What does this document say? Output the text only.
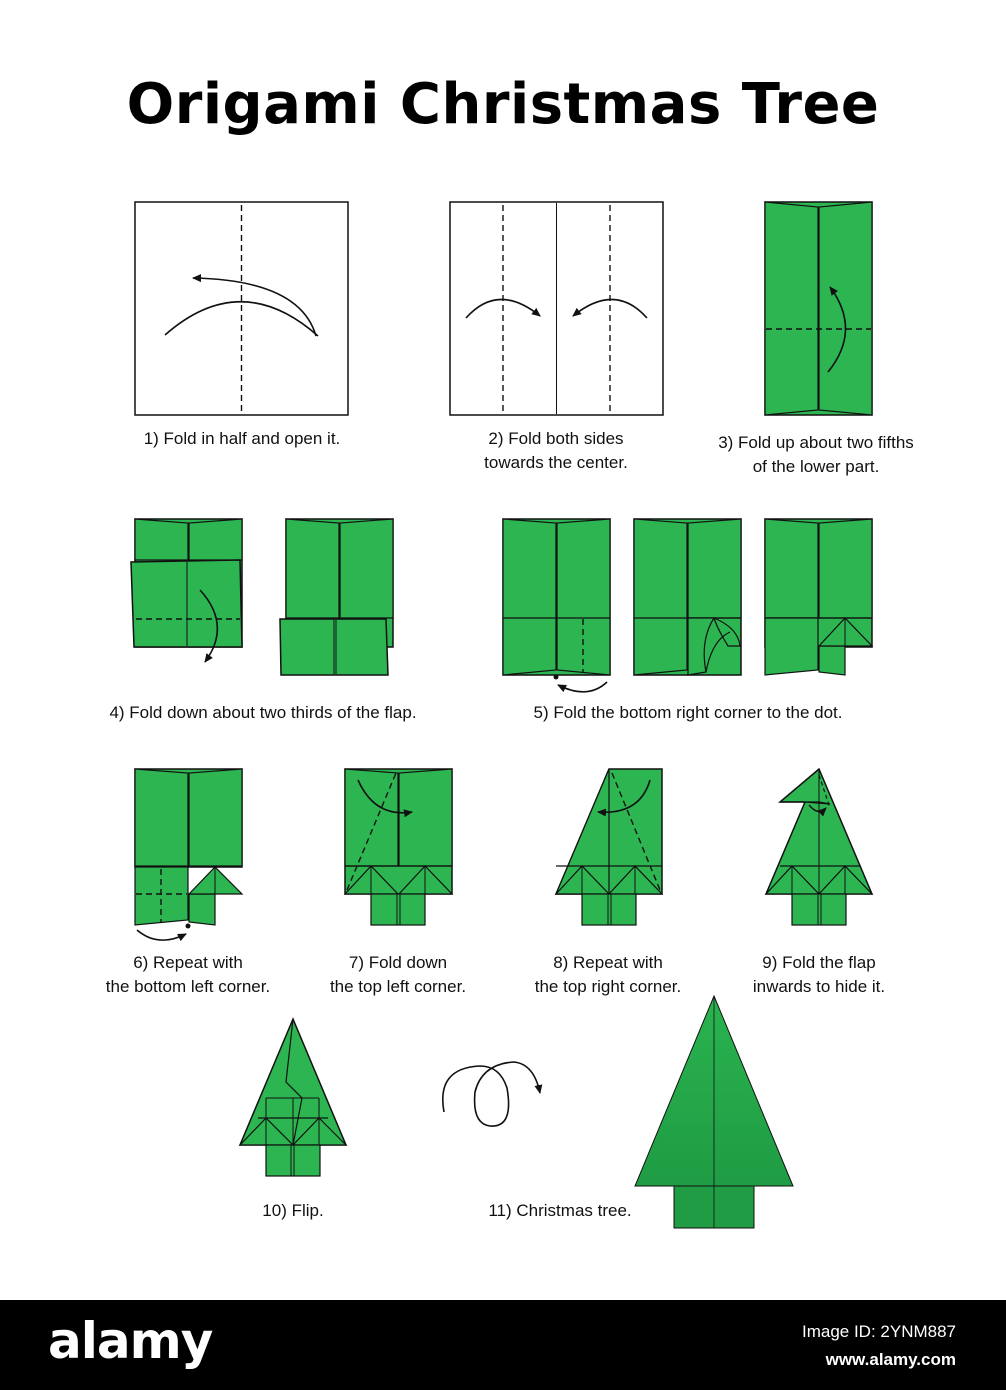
Origami Christmas Tree
1) Fold in half and open it.	2) Fold both sides
towards the center.
3) Fold up about two fifths
of the lower part.
4) Fold down about two thirds of the flap.	5) Fold the bottom right corner to the dot.
6) Repeat with
the bottom left corner.
7) Fold down
the top left corner.
8) Repeat with
the top right corner.
9) Fold the flap
inwards to hide it.
10) Flip.	11) Christmas tree.
alamy	Image ID: 2YNM887
www.alamy.com
